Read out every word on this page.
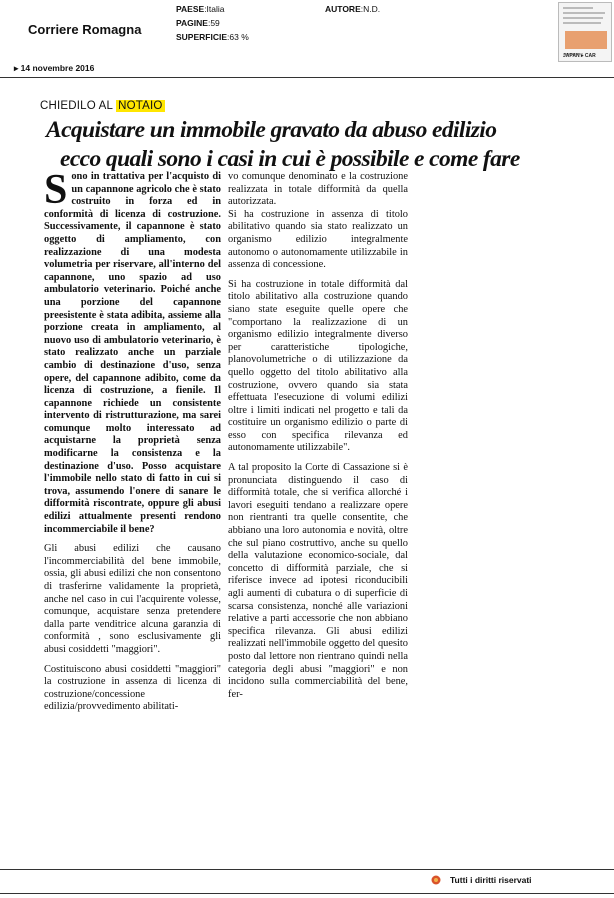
Corriere Romagna
PAESE:Italia
PAGINE:59
SUPERFICIE:63 %
AUTORE:N.D.
JAPAN ▸ CAR
▸ 14 novembre 2016
CHIEDILO AL NOTAIO
Acquistare un immobile gravato da abuso edilizio
ecco quali sono i casi in cui è possibile e come fare

Sono in trattativa per l'acquisto di un capannone agricolo che è stato costruito in forza ed in conformità di licenza di costruzione. Successivamente, il capannone è stato oggetto di ampliamento, con realizzazione di una modesta volumetria per riservare, all'interno del capannone, uno spazio ad uso ambulatorio veterinario. Poiché anche una porzione del capannone preesistente è stata adibita, assieme alla porzione creata in ampliamento, al nuovo uso di ambulatorio veterinario, è stato realizzato anche un parziale cambio di destinazione d'uso, senza opere, del capannone adibito, come da licenza di costruzione, a fienile. Il capannone richiede un consistente intervento di ristrutturazione, ma sarei comunque molto interessato ad acquistarne la proprietà senza modificarne la consistenza e la destinazione d'uso. Posso acquistare l'immobile nello stato di fatto in cui si trova, assumendo l'onere di sanare le difformità riscontrate, oppure gli abusi edilizi attualmente presenti rendono incommerciabile il bene?

Gli abusi edilizi che causano l'incommerciabilità del bene immobile, ossia, gli abusi edilizi che non consentono di trasferirne validamente la proprietà, anche nel caso in cui l'acquirente volesse, comunque, acquistare senza pretendere dalla parte venditrice alcuna garanzia di conformità , sono esclusivamente gli abusi cosiddetti "maggiori".

Costituiscono abusi cosiddetti "maggiori" la costruzione in assenza di licenza di costruzione/concessione edilizia/provvedimento abilitati-

vo comunque denominato e la costruzione realizzata in totale difformità da quella autorizzata.

Si ha costruzione in assenza di titolo abilitativo quando sia stato realizzato un organismo edilizio integralmente autonomo o autonomamente utilizzabile in assenza di concessione.

Si ha costruzione in totale difformità dal titolo abilitativo alla costruzione quando siano state eseguite quelle opere che "comportano la realizzazione di un organismo edilizio integralmente diverso per caratteristiche tipologiche, planovolumetriche o di utilizzazione da quello oggetto del titolo abilitativo alla costruzione, ovvero quando sia stata effettuata l'esecuzione di volumi edilizi oltre i limiti indicati nel progetto e tali da costituire un organismo edilizio o parte di esso con specifica rilevanza ed autonomamente utilizzabile".

A tal proposito la Corte di Cassazione si è pronunciata distinguendo il caso di difformità totale, che si verifica allorché i lavori eseguiti tendano a realizzare opere non rientranti tra quelle consentite, che abbiano una loro autonomia e novità, oltre che sul piano costruttivo, anche su quello della valutazione economico-sociale, dal concetto di difformità parziale, che si riferisce invece ad ipotesi riconducibili agli aumenti di cubatura o di superficie di scarsa consistenza, nonché alle variazioni relative a parti accessorie che non abbiano specifica rilevanza. Gli abusi edilizi realizzati nell'immobile oggetto del quesito posto dal lettore non rientrano quindi nella categoria degli abusi "maggiori" e non incidono sulla commerciabilità del bene, fer-

Tutti i diritti riservati
